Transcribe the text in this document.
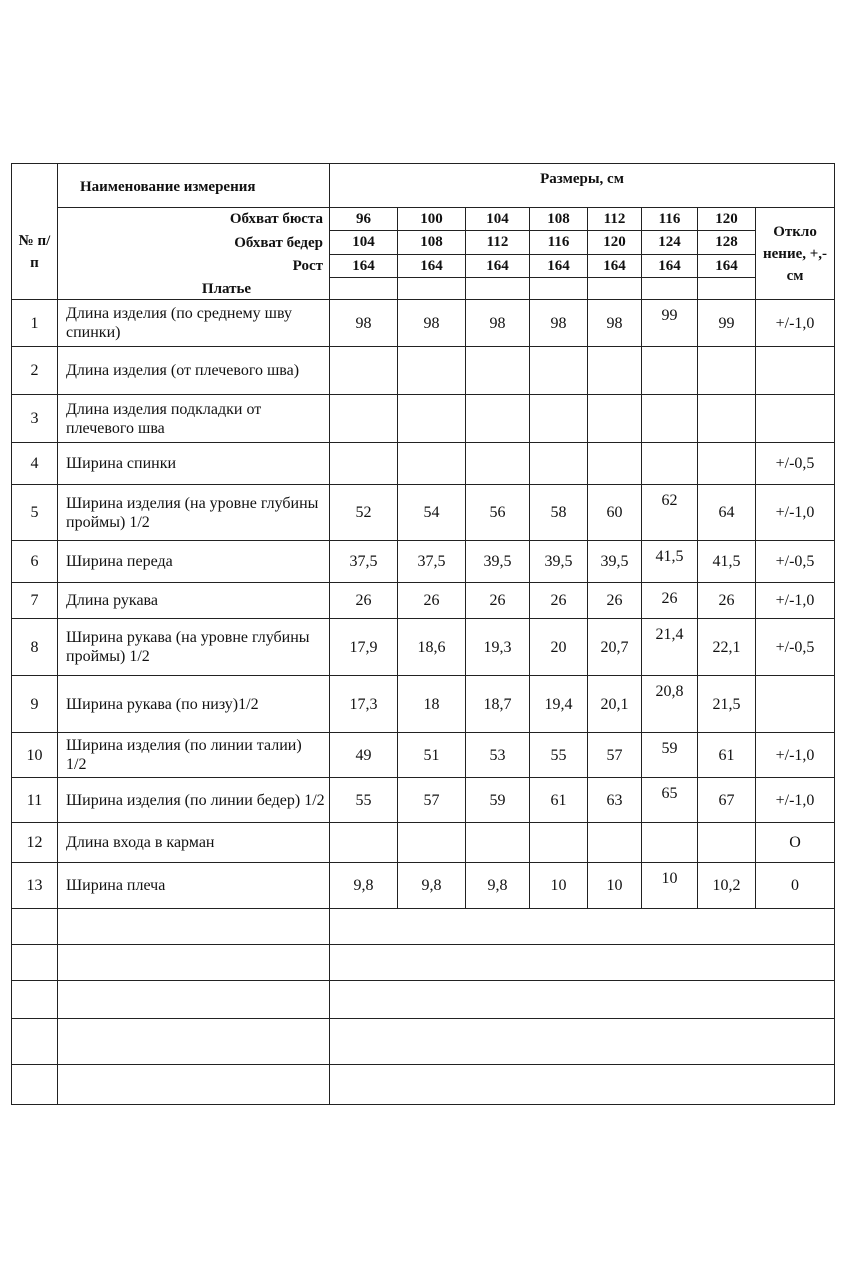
№ п/п	Наименование измерения	Размеры, см							
	Обхват бюста	96	100	104	108	112	116	120	Откло нение, +,- см
	Обхват бедер	104	108	112	116	120	124	128	
	Рост	164	164	164	164	164	164	164	
	Платье								
1	Длина изделия (по среднему шву спинки)	98	98	98	98	98	99	99	+/-1,0
2	Длина изделия (от плечевого шва)								
3	Длина изделия подкладки от плечевого шва								
4	Ширина спинки								+/-0,5
5	Ширина изделия (на уровне глубины проймы) 1/2	52	54	56	58	60	62	64	+/-1,0
6	Ширина переда	37,5	37,5	39,5	39,5	39,5	41,5	41,5	+/-0,5
7	Длина рукава	26	26	26	26	26	26	26	+/-1,0
8	Ширина рукава (на уровне глубины проймы) 1/2	17,9	18,6	19,3	20	20,7	21,4	22,1	+/-0,5
9	Ширина рукава (по низу)1/2	17,3	18	18,7	19,4	20,1	20,8	21,5	
10	Ширина изделия (по линии талии) 1/2	49	51	53	55	57	59	61	+/-1,0
11	Ширина изделия (по линии бедер) 1/2	55	57	59	61	63	65	67	+/-1,0
12	Длина входа в карман								O
13	Ширина плеча	9,8	9,8	9,8	10	10	10	10,2	0
